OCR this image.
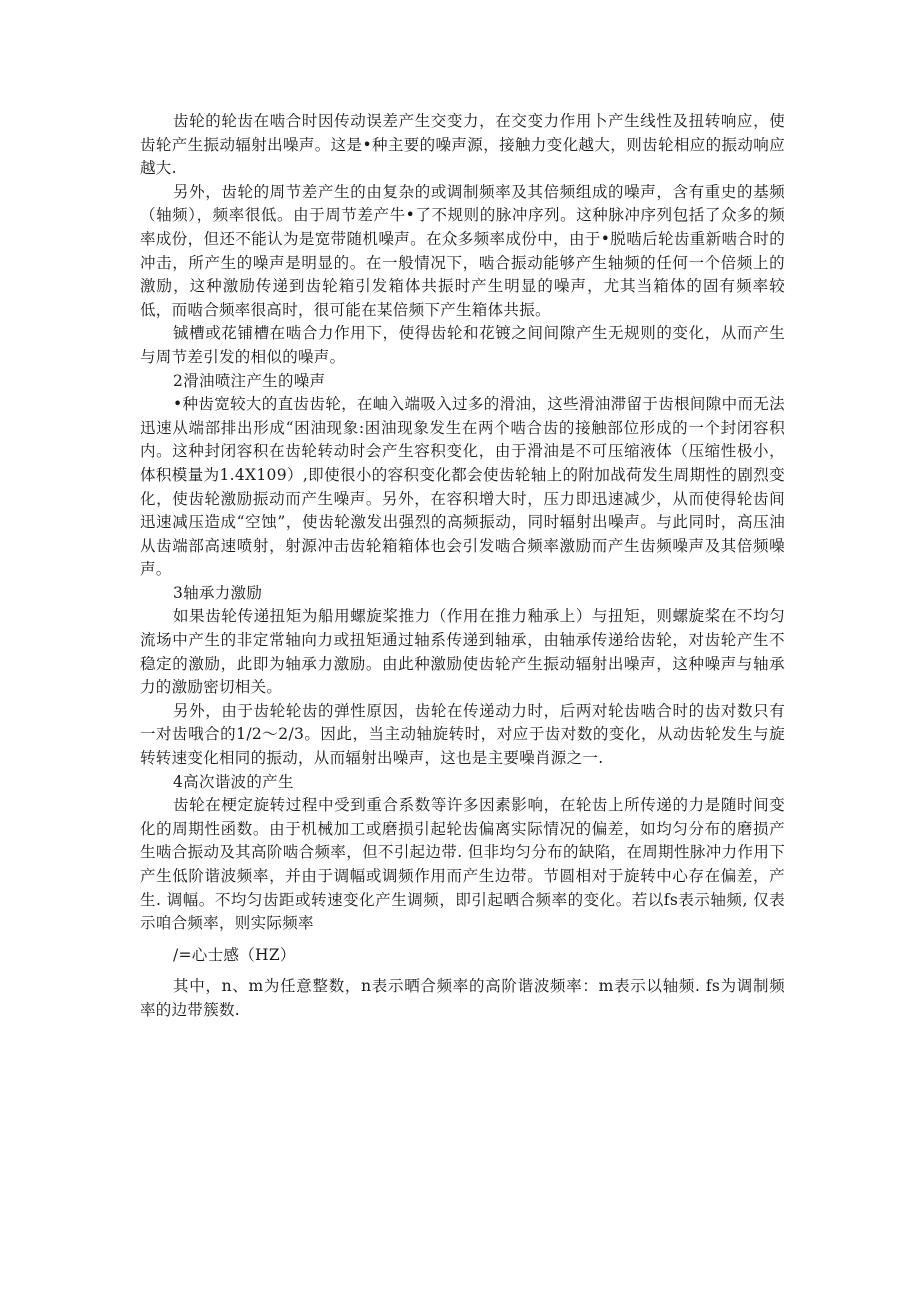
齿轮的轮齿在啮合时因传动误差产生交变力，在交变力作用卜产生线性及扭转响应，使齿轮产生振动辐射出噪声。这是•种主要的噪声源，接触力变化越大，则齿轮相应的振动响应越大.

另外，齿轮的周节差产生的由复杂的或调制频率及其倍频组成的噪声，含有重史的基频（轴频），频率很低。由于周节差产牛•了不规则的脉冲序列。这种脉冲序列包括了众多的频率成份，但还不能认为是宽带随机噪声。在众多频率成份中，由于•脱啮后轮齿重新啮合时的冲击，所产生的噪声是明显的。在一般情况下，啮合振动能够产生轴频的任何一个倍频上的激励，这种激励传递到齿轮箱引发箱体共振时产生明显的噪声，尤其当箱体的固有频率较低，而啮合频率很高时，很可能在某倍频下产生箱体共振。

铖槽或花铺槽在啮合力作用下，使得齿轮和花镀之间间隙产生无规则的变化，从而产生与周节差引发的相似的噪声。

2滑油喷注产生的噪声

•种齿宽较大的直齿齿轮，在岫入端吸入过多的滑油，这些滑油滞留于齿根间隙中而无法迅速从端部排出形成“困油现象:困油现象发生在两个啮合齿的接触部位形成的一个封闭容积内。这种封闭容积在齿轮转动时会产生容积变化，由于滑油是不可压缩液体（压缩性极小，体积模量为1.4X109）,即使很小的容积变化都会使齿轮轴上的附加战荷发生周期性的剧烈变化，使齿轮激励振动而产生噪声。另外，在容积增大时，压力即迅速减少，从而使得轮齿间迅速减压造成“空蚀”，使齿轮激发出强烈的高频振动，同时辐射出噪声。与此同时，高压油从齿端部高速喷射，射源冲击齿轮箱箱体也会引发啮合频率激励而产生齿频噪声及其倍频噪声。

3轴承力激励

如果齿轮传递扭矩为船用螺旋桨推力（作用在推力釉承上）与扭矩，则螺旋桨在不均匀流场中产生的非定常轴向力或扭矩通过轴系传递到轴承，由轴承传递给齿轮，对齿轮产生不稳定的激励，此即为轴承力激励。由此种激励使齿轮产生振动辐射出噪声，这种噪声与轴承力的激励密切相关。

另外，由于齿轮轮齿的弹性原因，齿轮在传递动力时，后两对轮齿啮合时的齿对数只有一对齿哦合的1/2〜2/3。因此，当主动轴旋转时，对应于齿对数的变化，从动齿轮发生与旋转转速变化相同的振动，从而辐射出噪声，这也是主要噪肖源之一.

4高次谐波的产生

齿轮在梗定旋转过程中受到重合系数等许多因素影响，在轮齿上所传递的力是随时间变化的周期性函数。由于机械加工或磨损引起轮齿偏离实际情况的偏差，如均匀分布的磨损产生啮合振动及其高阶啮合频率，但不引起边带. 但非均匀分布的缺陷，在周期性脉冲力作用下产生低阶谐波频率，并由于调幅或调频作用而产生边带。节圆相对于旋转中心存在偏差，产生. 调幅。不均匀齿距或转速变化产生调频，即引起晒合频率的变化。若以fs表示轴频, 仅表示咱合频率，则实际频率

/=心士感（HZ）

其中，n、m为任意整数，n表示晒合频率的高阶谐波频率：m表示以轴频. fs为调制频率的边带簇数.
